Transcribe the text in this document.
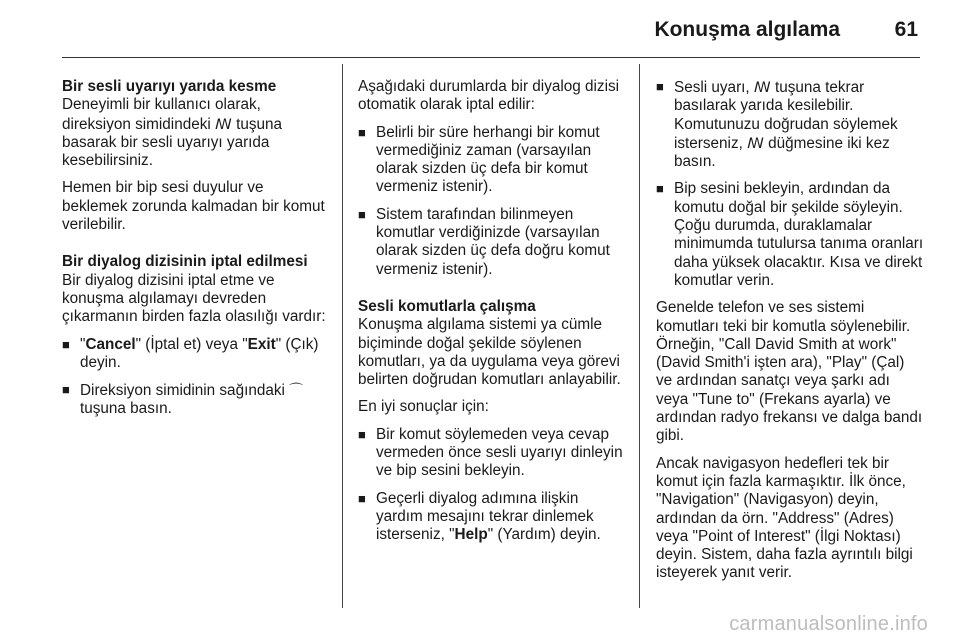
Konuşma algılama	61
Bir sesli uyarıyı yarıda kesme

Deneyimli bir kullanıcı olarak, direksiyon simidindeki ꟿ tuşuna basarak bir sesli uyarıyı yarıda kesebilirsiniz.

Hemen bir bip sesi duyulur ve beklemek zorunda kalmadan bir komut verilebilir.

Bir diyalog dizisinin iptal edilmesi

Bir diyalog dizisini iptal etme ve konuşma algılamayı devreden çıkarmanın birden fazla olasılığı vardır:

■ "Cancel" (İptal et) veya "Exit" (Çık) deyin.
■ Direksiyon simidinin sağındaki ⌒
tuşuna basın.

Aşağıdaki durumlarda bir diyalog dizisi otomatik olarak iptal edilir:

■ Belirli bir süre herhangi bir komut vermediğiniz zaman (varsayılan olarak sizden üç defa bir komut vermeniz istenir).
■ Sistem tarafından bilinmeyen komutlar verdiğinizde (varsayılan olarak sizden üç defa doğru komut vermeniz istenir).
Sesli komutlarla çalışma

Konuşma algılama sistemi ya cümle biçiminde doğal şekilde söylenen komutları, ya da uygulama veya görevi belirten doğrudan komutları anlayabilir.

En iyi sonuçlar için:

■ Bir komut söylemeden veya cevap vermeden önce sesli uyarıyı dinleyin ve bip sesini bekleyin.
■ Geçerli diyalog adımına ilişkin yardım mesajını tekrar dinlemek isterseniz, "Help" (Yardım) deyin.
■ Sesli uyarı, ꟿ tuşuna tekrar basılarak yarıda kesilebilir. Komutunuzu doğrudan söylemek isterseniz, ꟿ düğmesine iki kez basın.
■ Bip sesini bekleyin, ardından da komutu doğal bir şekilde söyleyin. Çoğu durumda, duraklamalar minimumda tutulursa tanıma oranları daha yüksek olacaktır. Kısa ve direkt komutlar verin.

Genelde telefon ve ses sistemi komutları teki bir komutla söylenebilir. Örneğin, "Call David Smith at work" (David Smith'i işten ara), "Play" (Çal) ve ardından sanatçı veya şarkı adı veya "Tune to" (Frekans ayarla) ve ardından radyo frekansı ve dalga bandı gibi.

Ancak navigasyon hedefleri tek bir komut için fazla karmaşıktır. İlk önce, "Navigation" (Navigasyon) deyin, ardından da örn. "Address" (Adres) veya "Point of Interest" (İlgi Noktası) deyin. Sistem, daha fazla ayrıntılı bilgi isteyerek yanıt verir.

carmanualsonline.info
